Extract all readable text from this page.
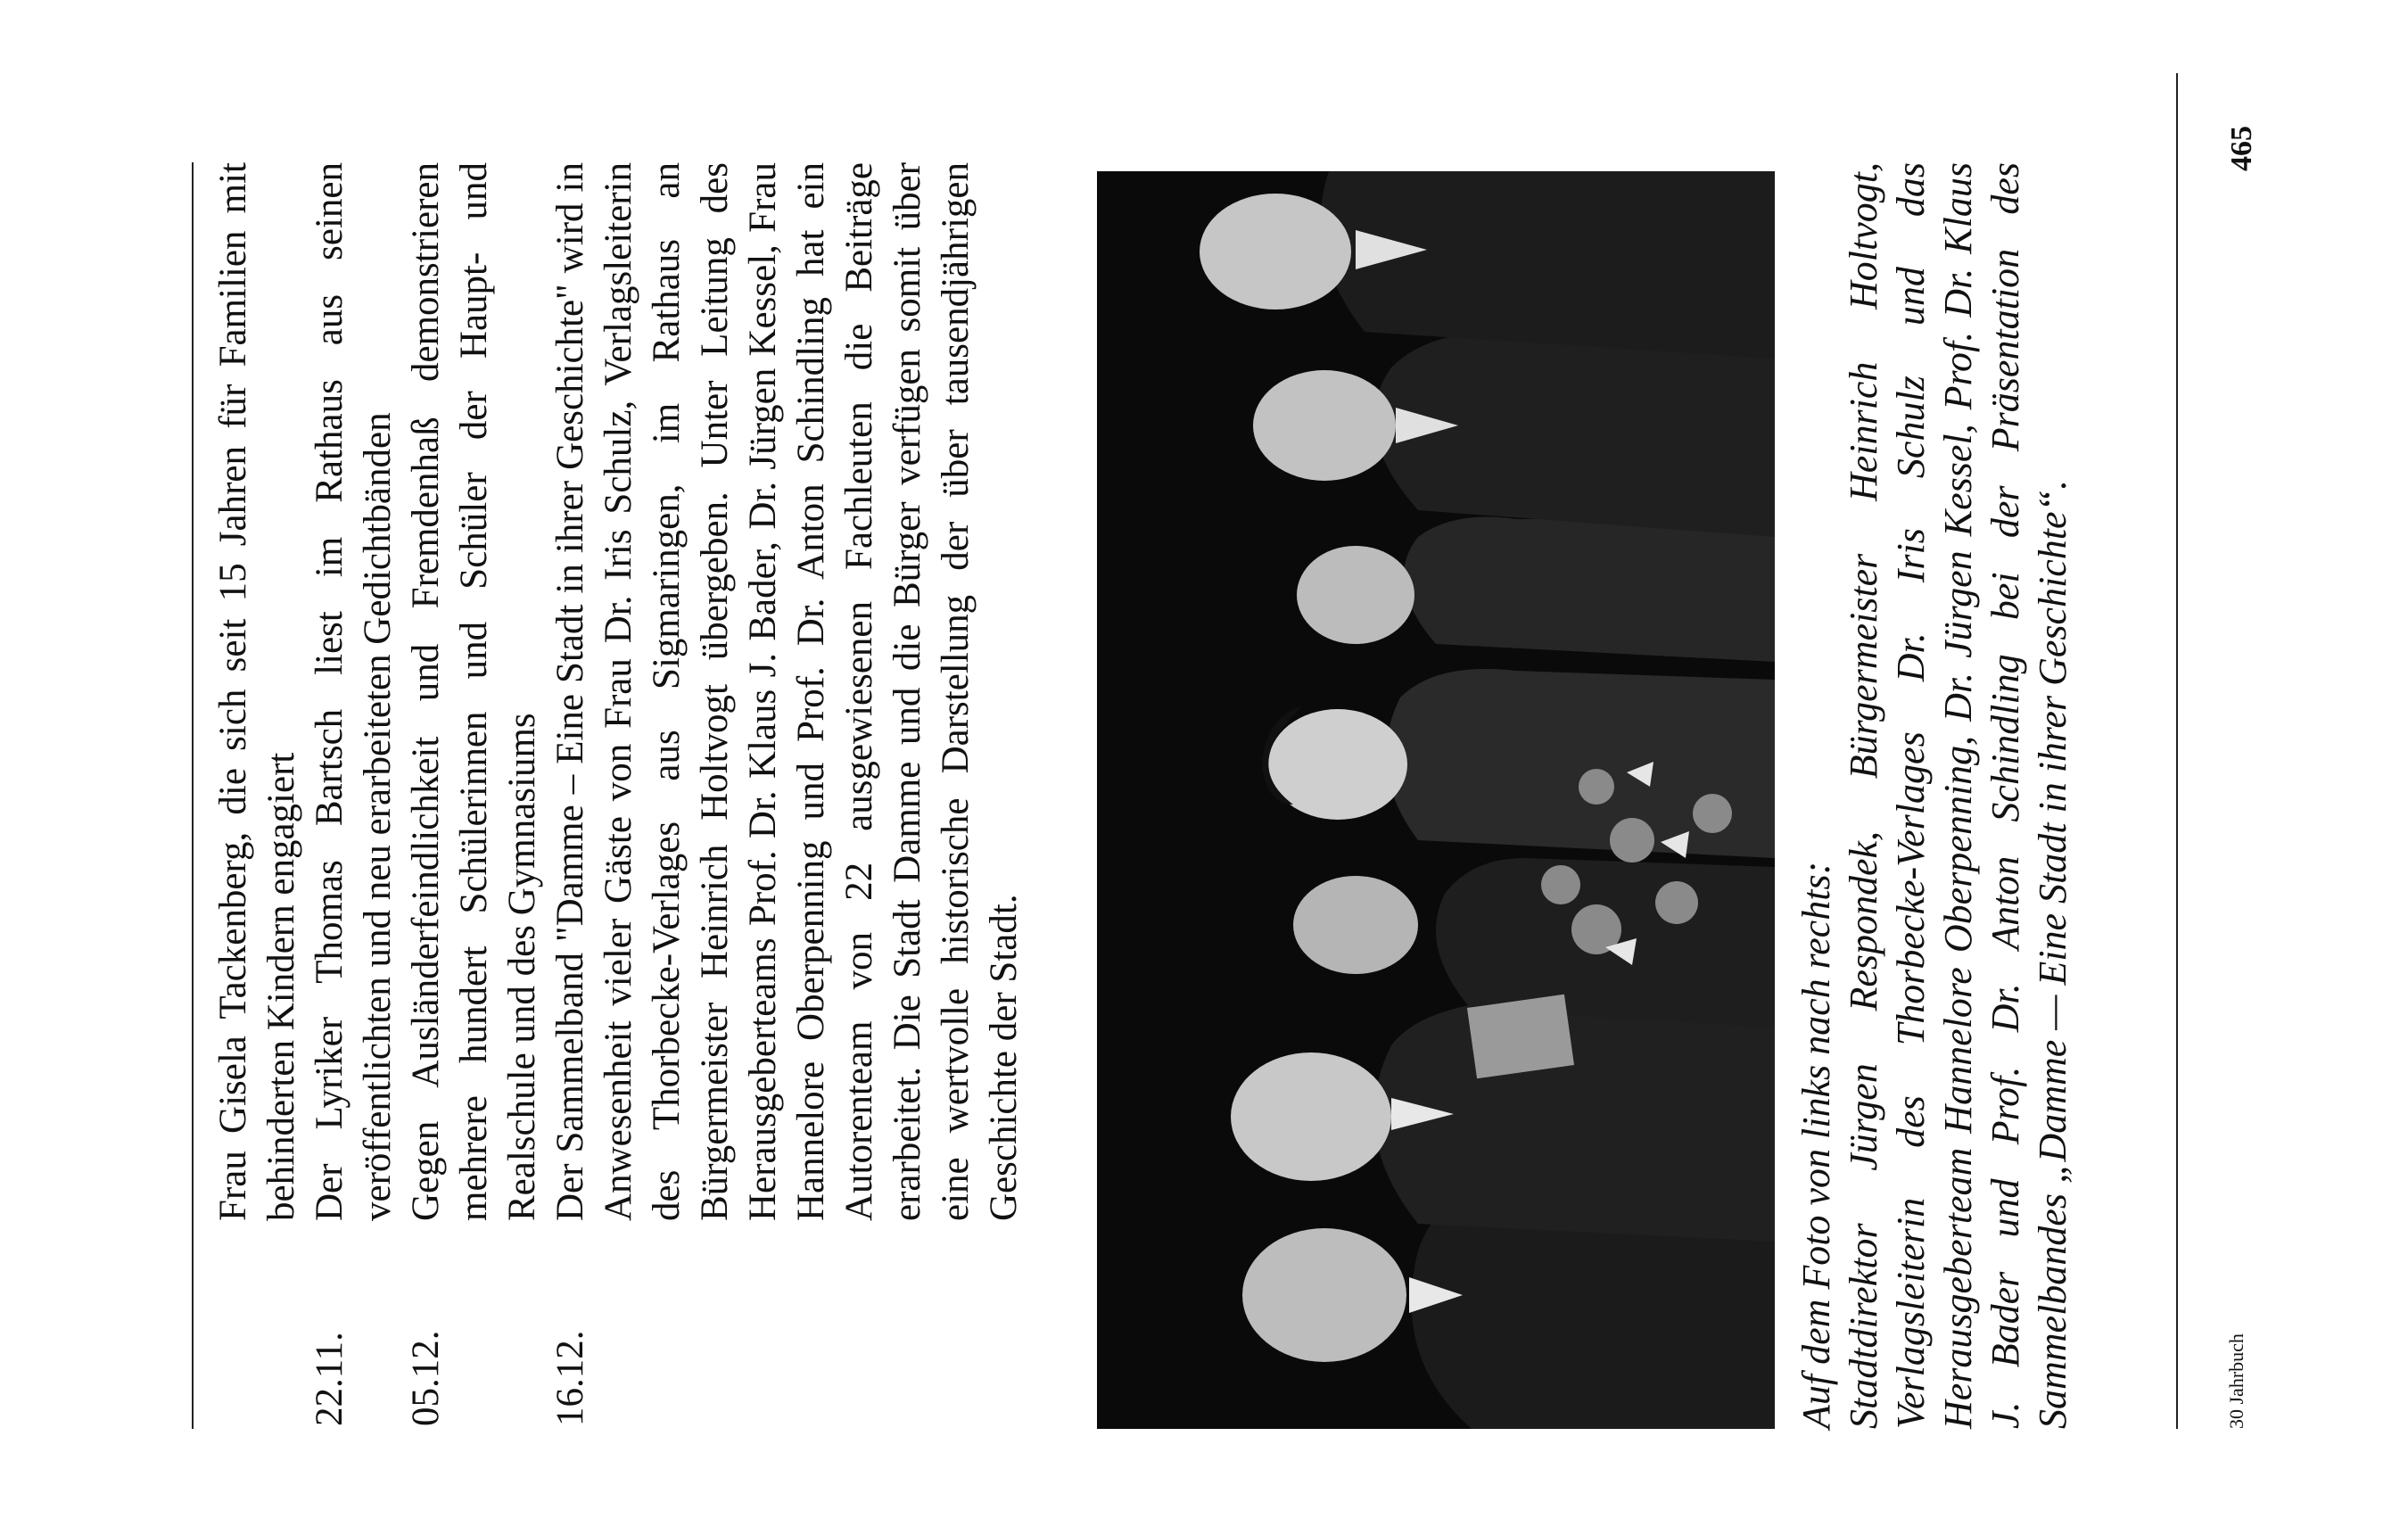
Frau Gisela Tackenberg, die sich seit 15 Jahren für Familien mit behinderten Kindern engagiert
22.11.
Der Lyriker Thomas Bartsch liest im Rathaus aus seinen veröffentlichten und neu erarbeiteten Gedichtbänden
05.12.
Gegen Ausländerfeindlichkeit und Fremdenhaß demonstrieren mehrere hundert Schülerinnen und Schüler der Haupt- und Realschule und des Gymnasiums
16.12.
Der Sammelband "Damme – Eine Stadt in ihrer Geschichte" wird in Anwesenheit vieler Gäste von Frau Dr. Iris Schulz, Verlagsleiterin des Thorbecke-Verlages aus Sigmaringen, im Rathaus an Bürgermeister Heinrich Holtvogt übergeben. Unter Leitung des Herausgeberteams Prof. Dr. Klaus J. Bader, Dr. Jürgen Kessel, Frau Hannelore Oberpenning und Prof. Dr. Anton Schindling hat ein Autorenteam von 22 ausgewiesenen Fachleuten die Beiträge erarbeitet. Die Stadt Damme und die Bürger verfügen somit über eine wertvolle historische Darstellung der über tausendjährigen Geschichte der Stadt.	Auf dem Foto von links nach rechts: Stadtdirektor Jürgen Respondek, Bürgermeister Heinrich Holtvogt, Verlagsleiterin des Thorbecke-Verlages Dr. Iris Schulz und das Herausgeberteam Hannelore Oberpenning, Dr. Jürgen Kessel, Prof. Dr. Klaus J. Bader und Prof. Dr. Anton Schindling bei der Präsentation des Sammelbandes „Damme — Eine Stadt in ihrer Geschichte“.	30 Jahrbuch
465
